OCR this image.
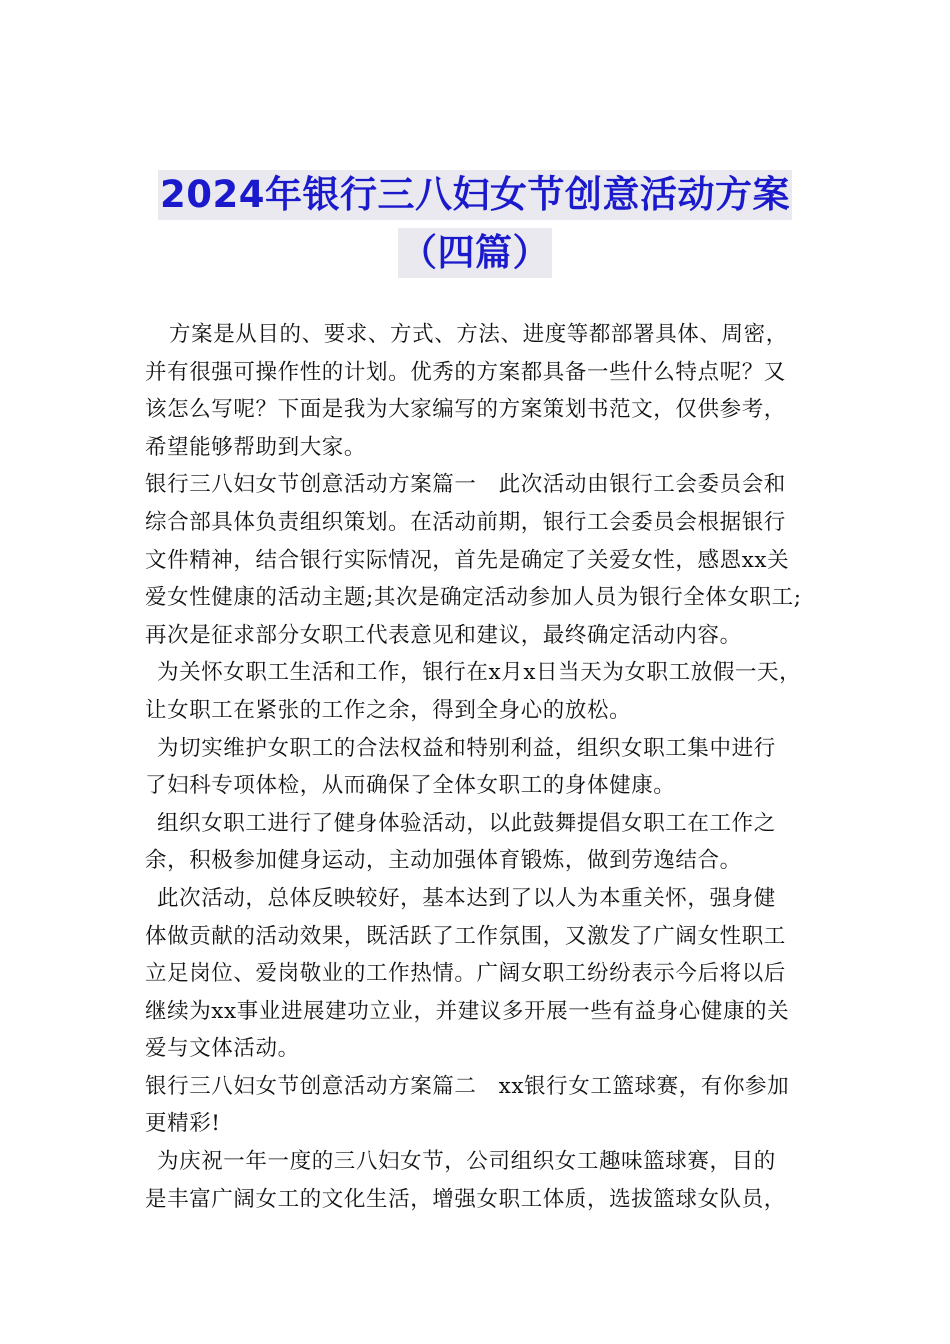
2024年银行三八妇女节创意活动方案
（四篇）

方案是从目的、要求、方式、方法、进度等都部署具体、周密，
并有很强可操作性的计划。优秀的方案都具备一些什么特点呢？又
该怎么写呢？下面是我为大家编写的方案策划书范文，仅供参考，
希望能够帮助到大家。

银行三八妇女节创意活动方案篇一　此次活动由银行工会委员会和
综合部具体负责组织策划。在活动前期，银行工会委员会根据银行
文件精神，结合银行实际情况，首先是确定了关爱女性，感恩xx关
爱女性健康的活动主题;其次是确定活动参加人员为银行全体女职工;
再次是征求部分女职工代表意见和建议，最终确定活动内容。

为关怀女职工生活和工作，银行在x月x日当天为女职工放假一天，
让女职工在紧张的工作之余，得到全身心的放松。

为切实维护女职工的合法权益和特别利益，组织女职工集中进行
了妇科专项体检，从而确保了全体女职工的身体健康。

组织女职工进行了健身体验活动，以此鼓舞提倡女职工在工作之
余，积极参加健身运动，主动加强体育锻炼，做到劳逸结合。

此次活动，总体反映较好，基本达到了以人为本重关怀，强身健
体做贡献的活动效果，既活跃了工作氛围，又激发了广阔女性职工
立足岗位、爱岗敬业的工作热情。广阔女职工纷纷表示今后将以后
继续为xx事业进展建功立业，并建议多开展一些有益身心健康的关
爱与文体活动。

银行三八妇女节创意活动方案篇二　xx银行女工篮球赛，有你参加
更精彩!

为庆祝一年一度的三八妇女节，公司组织女工趣味篮球赛，目的
是丰富广阔女工的文化生活，增强女职工体质，选拔篮球女队员，
